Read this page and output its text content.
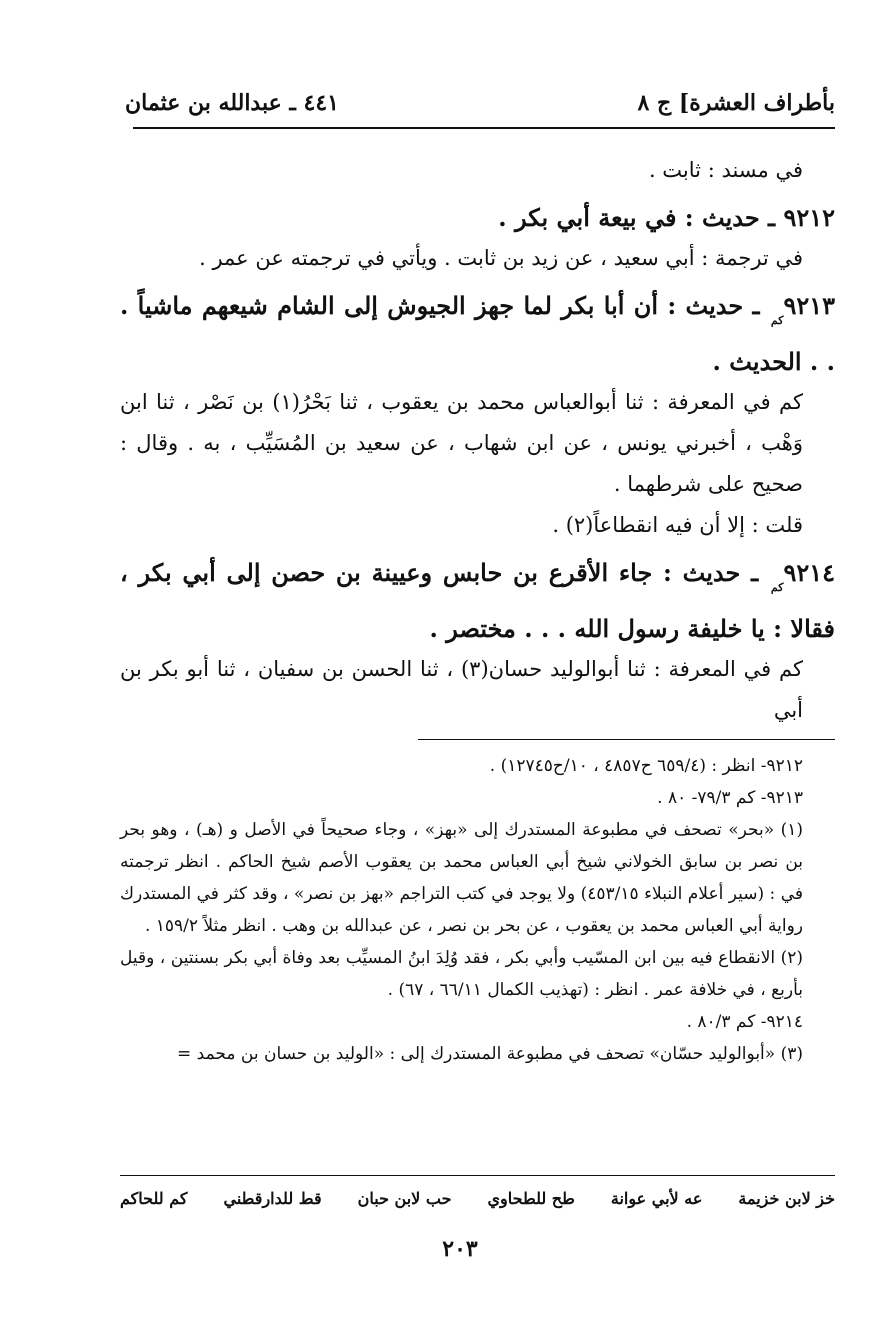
بأطراف العشرة] ج ٨
٤٤١ ـ عبدالله بن عثمان

في مسند : ثابت .

٩٢١٢ ـ حديث : في بيعة أبي بكر .

في ترجمة : أبي سعيد ، عن زيد بن ثابت . ويأتي في ترجمته عن عمر .

$٩٢١٣_{كم}$ ـ حديث : أن أبا بكر لما جهز الجيوش إلى الشام شيعهم ماشياً . . . الحديث .

كم في المعرفة : ثنا أبوالعباس محمد بن يعقوب ، ثنا بَحْرُ(١) بن نَصْر ، ثنا ابن وَهْب ، أخبرني يونس ، عن ابن شهاب ، عن سعيد بن المُسَيِّب ، به . وقال : صحيح على شرطهما .

قلت : إلا أن فيه انقطاعاً(٢) .

$٩٢١٤_{كم}$ ـ حديث : جاء الأقرع بن حابس وعيينة بن حصن إلى أبي بكر ، فقالا : يا خليفة رسول الله . . . مختصر .

كم في المعرفة : ثنا أبوالوليد حسان(٣) ، ثنا الحسن بن سفيان ، ثنا أبو بكر بن أبي

٩٢١٢- انظر : (٦٥٩/٤ ح٤٨٥٧ ، ١٠/ح١٢٧٤٥) .

٩٢١٣- كم ٧٩/٣- ٨٠ .

(١) «بحر» تصحف في مطبوعة المستدرك إلى «بهز» ، وجاء صحيحاً في الأصل و (هـ) ، وهو بحر بن نصر بن سابق الخولاني شيخ أبي العباس محمد بن يعقوب الأصم شيخ الحاكم . انظر ترجمته في : (سير أعلام النبلاء ٤٥٣/١٥) ولا يوجد في كتب التراجم «بهز بن نصر» ، وقد كثر في المستدرك رواية أبي العباس محمد بن يعقوب ، عن بحر بن نصر ، عن عبدالله بن وهب . انظر مثلاً ١٥٩/٢ .

(٢) الانقطاع فيه بين ابن المسّيب وأبي بكر ، فقد وُلِدَ ابنُ المسيِّب بعد وفاة أبي بكر بسنتين ، وقيل بأربع ، في خلافة عمر . انظر : (تهذيب الكمال ٦٦/١١ ، ٦٧) .

٩٢١٤- كم ٨٠/٣ .

(٣) «أبوالوليد حسّان» تصحف في مطبوعة المستدرك إلى : «الوليد بن حسان بن محمد =

خز لابن خزيمة
عه لأبي عوانة
طح للطحاوي
حب لابن حبان
قط للدارقطني
كم للحاكم
٢٠٣
